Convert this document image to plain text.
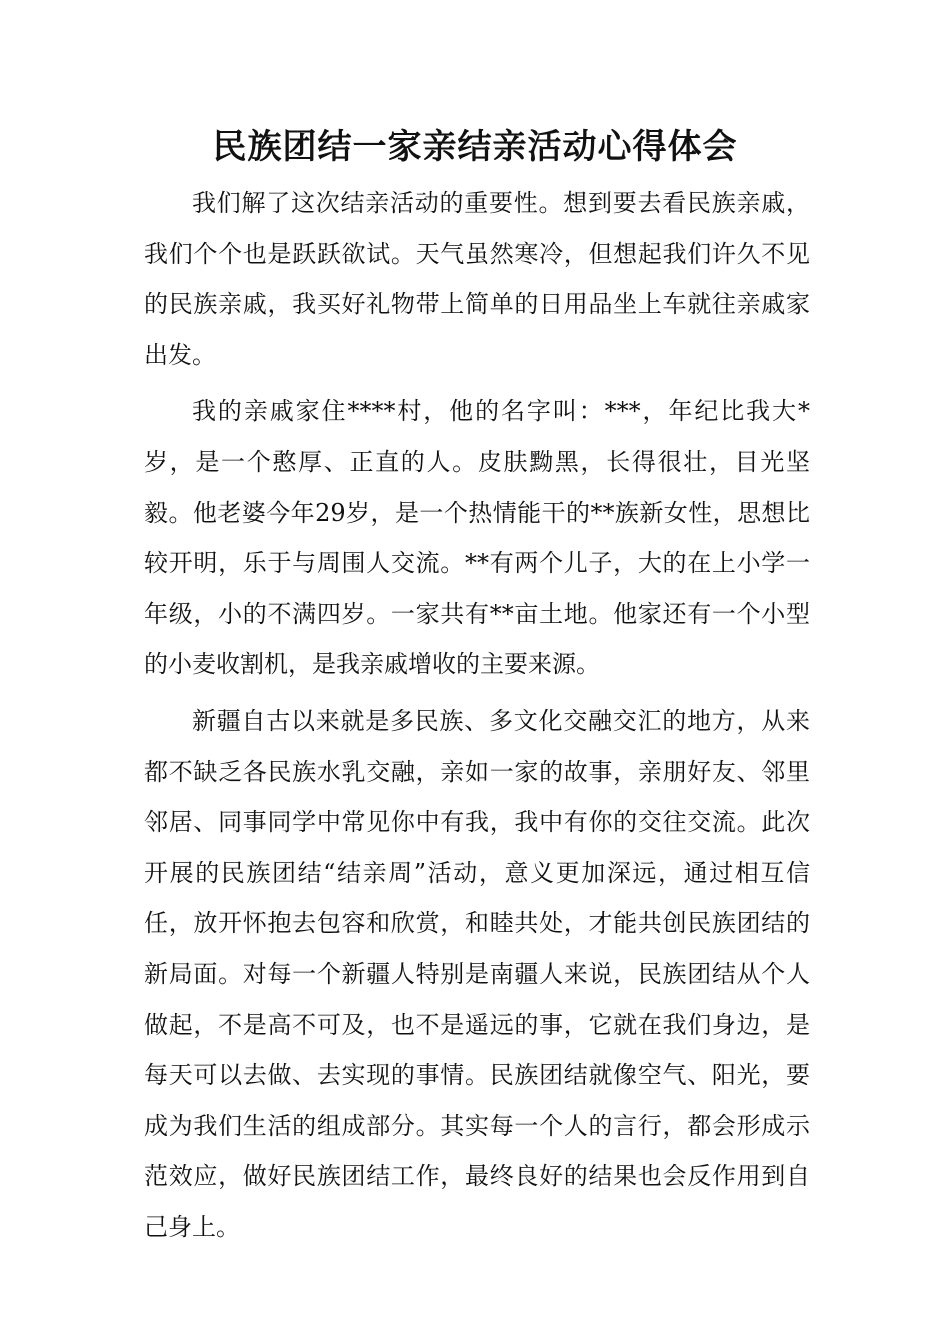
民族团结一家亲结亲活动心得体会

我们解了这次结亲活动的重要性。想到要去看民族亲戚，我们个个也是跃跃欲试。天气虽然寒冷，但想起我们许久不见的民族亲戚，我买好礼物带上简单的日用品坐上车就往亲戚家出发。

我的亲戚家住****村，他的名字叫：***，年纪比我大*岁，是一个憨厚、正直的人。皮肤黝黑，长得很壮，目光坚毅。他老婆今年29岁，是一个热情能干的**族新女性，思想比较开明，乐于与周围人交流。**有两个儿子，大的在上小学一年级，小的不满四岁。一家共有**亩土地。他家还有一个小型的小麦收割机，是我亲戚增收的主要来源。

新疆自古以来就是多民族、多文化交融交汇的地方，从来都不缺乏各民族水乳交融，亲如一家的故事，亲朋好友、邻里邻居、同事同学中常见你中有我，我中有你的交往交流。此次开展的民族团结“结亲周”活动，意义更加深远，通过相互信任，放开怀抱去包容和欣赏，和睦共处，才能共创民族团结的新局面。对每一个新疆人特别是南疆人来说，民族团结从个人做起，不是高不可及，也不是遥远的事，它就在我们身边，是每天可以去做、去实现的事情。民族团结就像空气、阳光，要成为我们生活的组成部分。其实每一个人的言行，都会形成示范效应，做好民族团结工作，最终良好的结果也会反作用到自己身上。
